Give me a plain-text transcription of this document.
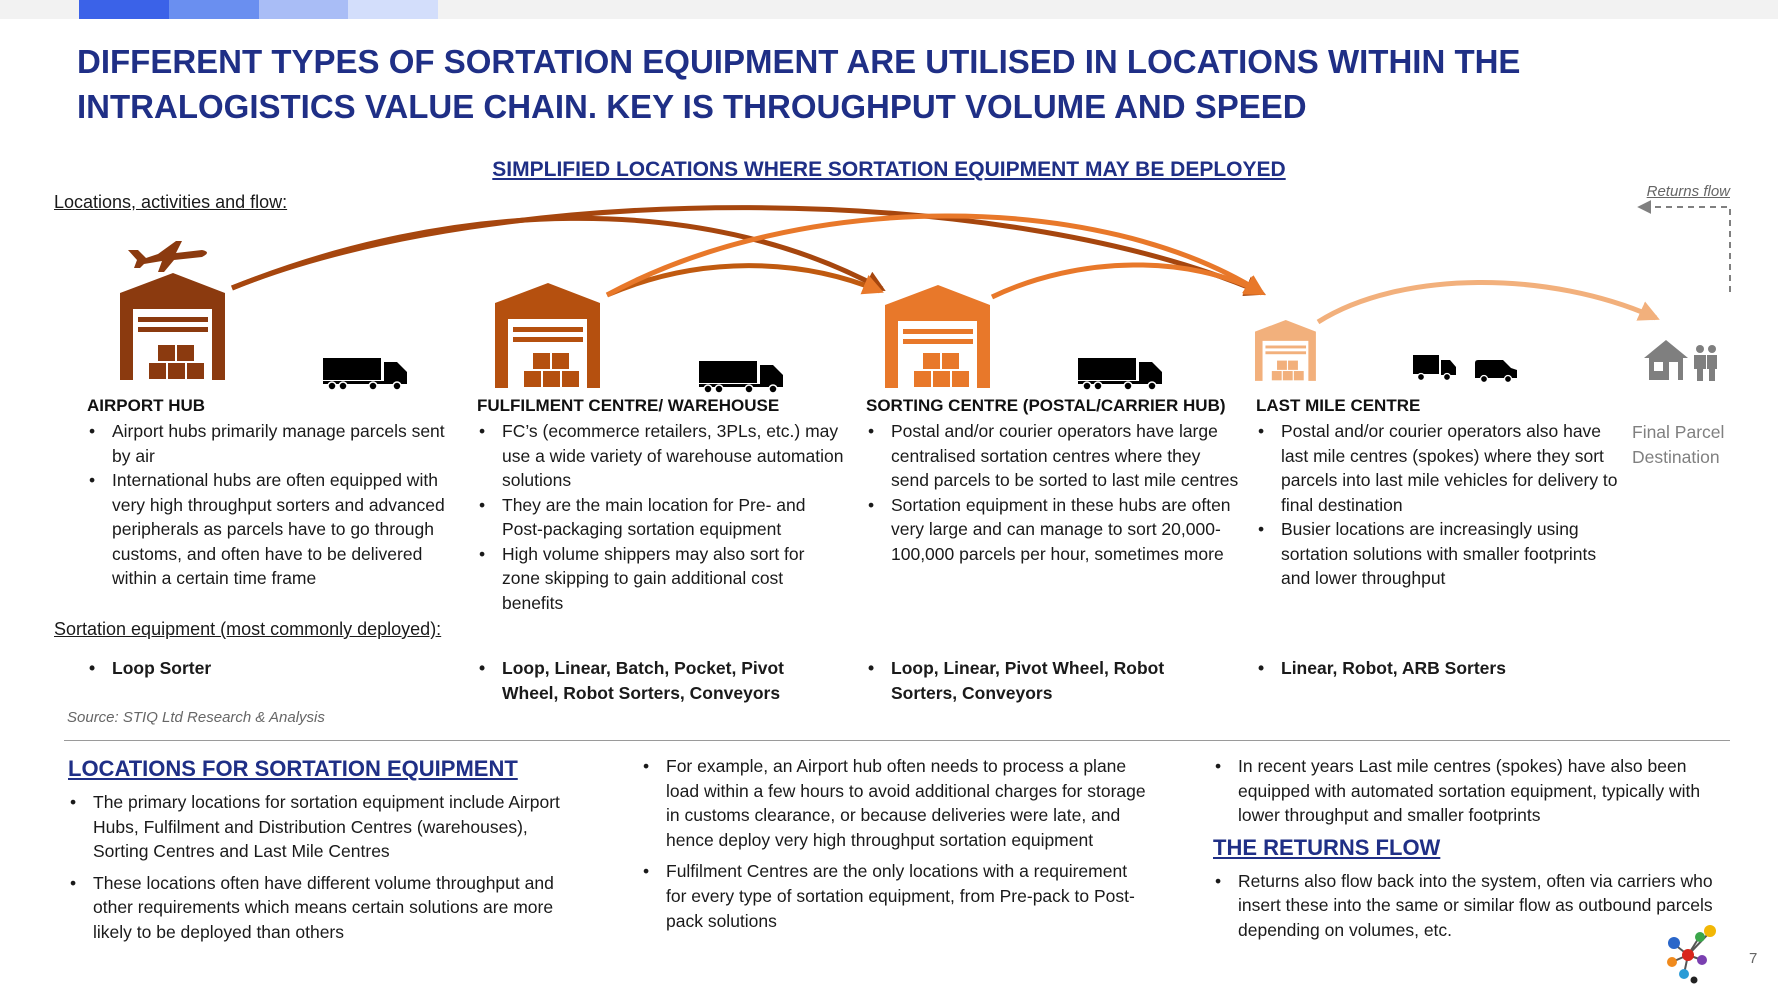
DIFFERENT TYPES OF SORTATION EQUIPMENT ARE UTILISED IN LOCATIONS WITHIN THE
INTRALOGISTICS VALUE CHAIN. KEY IS THROUGHPUT VOLUME AND SPEED
SIMPLIFIED LOCATIONS WHERE SORTATION EQUIPMENT MAY BE DEPLOYED
Locations, activities and flow:
Returns flow
AIRPORT HUB
• Airport hubs primarily manage parcels sent by air
• International hubs are often equipped with very high throughput sorters and advanced peripherals as parcels have to go through customs, and often have to be delivered within a certain time frame
FULFILMENT CENTRE/ WAREHOUSE
• FC’s (ecommerce retailers, 3PLs, etc.) may use a wide variety of warehouse automation solutions
• They are the main location for Pre- and Post-packaging sortation equipment
• High volume shippers may also sort for zone skipping to gain additional cost benefits
SORTING CENTRE (POSTAL/CARRIER HUB)
• Postal and/or courier operators have large centralised sortation centres where they send parcels to be sorted to last mile centres
• Sortation equipment in these hubs are often very large and can manage to sort 20,000-100,000 parcels per hour, sometimes more
LAST MILE CENTRE
• Postal and/or courier operators also have last mile centres (spokes) where they sort parcels into last mile vehicles for delivery to final destination
• Busier locations are increasingly using sortation solutions with smaller footprints and lower throughput
Final Parcel
Destination
Sortation equipment (most commonly deployed):
• Loop Sorter
•	Loop, Linear, Batch, Pocket, Pivot Wheel, Robot Sorters, Conveyors
• Loop, Linear, Pivot Wheel, Robot Sorters, Conveyors
• Linear, Robot, ARB Sorters
Source: STIQ Ltd Research & Analysis
LOCATIONS FOR SORTATION EQUIPMENT
• The primary locations for sortation equipment include Airport Hubs, Fulfilment and Distribution Centres (warehouses), Sorting Centres and Last Mile Centres
• These locations often have different volume throughput and other requirements which means certain solutions are more likely to be deployed than others
• For example, an Airport hub often needs to process a plane load within a few hours to avoid additional charges for storage in customs clearance, or because deliveries were late, and hence deploy very high throughput sortation equipment
• Fulfilment Centres are the only locations with a requirement for every type of sortation equipment, from Pre-pack to Post-pack solutions
• In recent years Last mile centres (spokes) have also been equipped with automated sortation equipment, typically with lower throughput and smaller footprints
THE RETURNS FLOW
• Returns also flow back into the system, often via carriers who insert these into the same or similar flow as outbound parcels depending on volumes, etc.
7
